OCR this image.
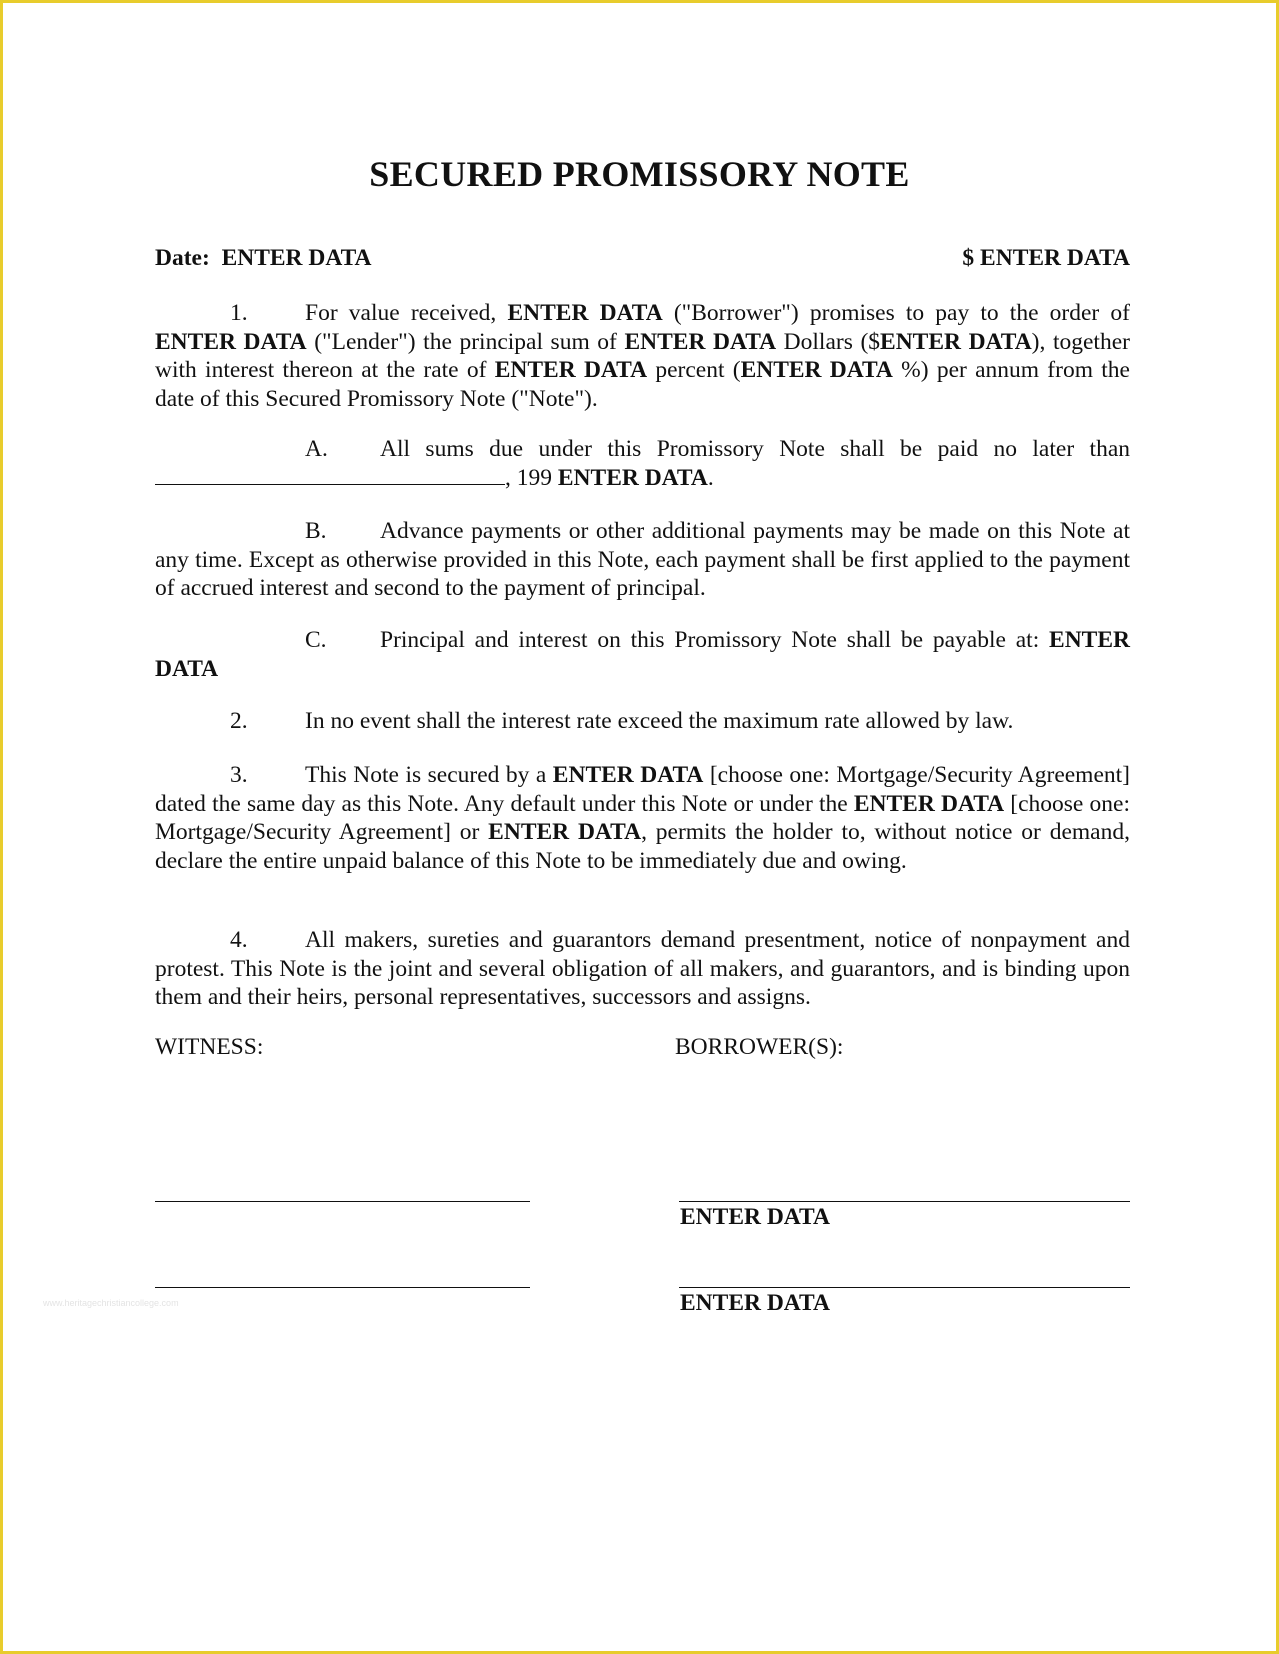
SECURED PROMISSORY NOTE
Date: ENTER DATA	$ ENTER DATA

1. For value received, ENTER DATA ("Borrower") promises to pay to the order of ENTER DATA ("Lender") the principal sum of ENTER DATA Dollars ($ENTER DATA), together with interest thereon at the rate of ENTER DATA percent (ENTER DATA %) per annum from the date of this Secured Promissory Note ("Note").

A. All sums due under this Promissory Note shall be paid no later than , 199 ENTER DATA.

B. Advance payments or other additional payments may be made on this Note at any time. Except as otherwise provided in this Note, each payment shall be first applied to the payment of accrued interest and second to the payment of principal.

C. Principal and interest on this Promissory Note shall be payable at: ENTER DATA

2. In no event shall the interest rate exceed the maximum rate allowed by law.

3. This Note is secured by a ENTER DATA [choose one: Mortgage/Security Agreement] dated the same day as this Note. Any default under this Note or under the ENTER DATA [choose one: Mortgage/Security Agreement] or ENTER DATA, permits the holder to, without notice or demand, declare the entire unpaid balance of this Note to be immediately due and owing.

4. All makers, sureties and guarantors demand presentment, notice of nonpayment and protest. This Note is the joint and several obligation of all makers, and guarantors, and is binding upon them and their heirs, personal representatives, successors and assigns.

WITNESS:	BORROWER(S):
ENTER DATA
ENTER DATA
www.heritagechristiancollege.com
